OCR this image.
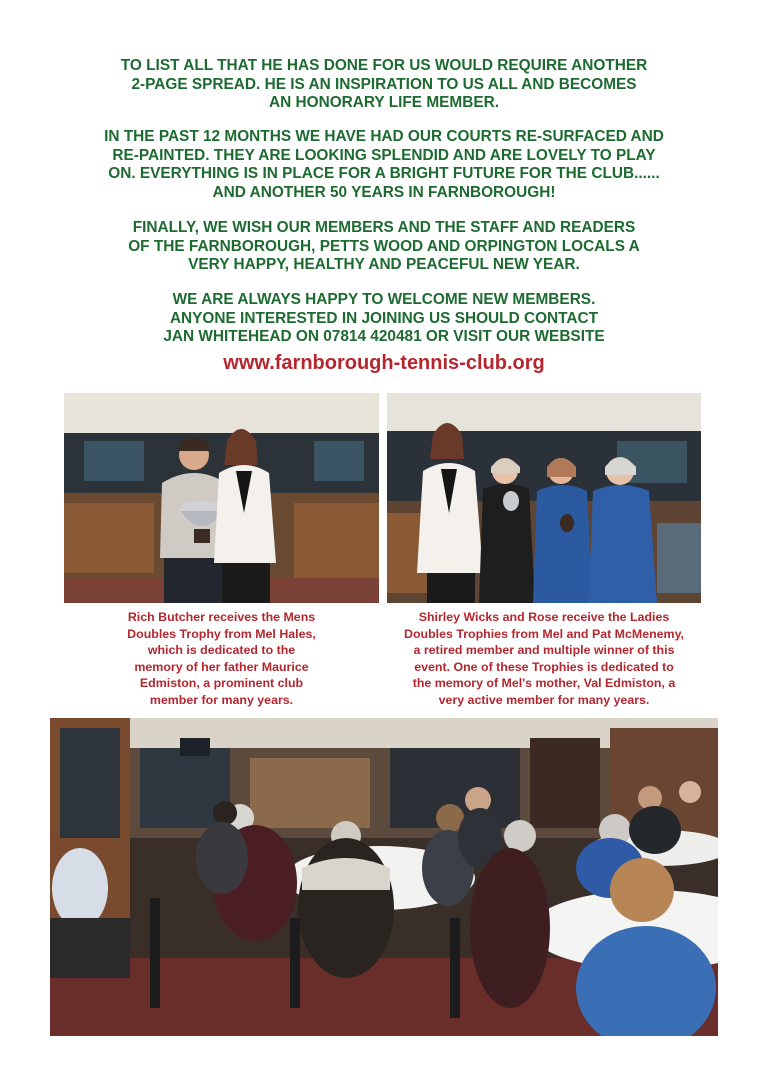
TO LIST ALL THAT HE HAS DONE FOR US WOULD REQUIRE ANOTHER
2-PAGE SPREAD. HE IS AN INSPIRATION TO US ALL AND BECOMES
AN HONORARY LIFE MEMBER.
IN THE PAST 12 MONTHS WE HAVE HAD OUR COURTS RE-SURFACED AND
RE-PAINTED. THEY ARE LOOKING SPLENDID AND ARE LOVELY TO PLAY
ON. EVERYTHING IS IN PLACE FOR A BRIGHT FUTURE FOR THE CLUB......
AND ANOTHER 50 YEARS IN FARNBOROUGH!
FINALLY, WE WISH OUR MEMBERS AND THE STAFF AND READERS
OF THE FARNBOROUGH, PETTS WOOD AND ORPINGTON LOCALS A
VERY HAPPY, HEALTHY AND PEACEFUL NEW YEAR.
WE ARE ALWAYS HAPPY TO WELCOME NEW MEMBERS.
ANYONE INTERESTED IN JOINING US SHOULD CONTACT
JAN WHITEHEAD ON 07814 420481 OR VISIT OUR WEBSITE
www.farnborough-tennis-club.org
Rich Butcher receives the Mens
Doubles Trophy from Mel Hales,
which is dedicated to the
memory of her father Maurice
Edmiston, a prominent club
member for many years.
Shirley Wicks and Rose receive the Ladies
Doubles Trophies from Mel and Pat McMenemy,
a retired member and multiple winner of this
event. One of these Trophies is dedicated to
the memory of Mel's mother, Val Edmiston, a
very active member for many years.
